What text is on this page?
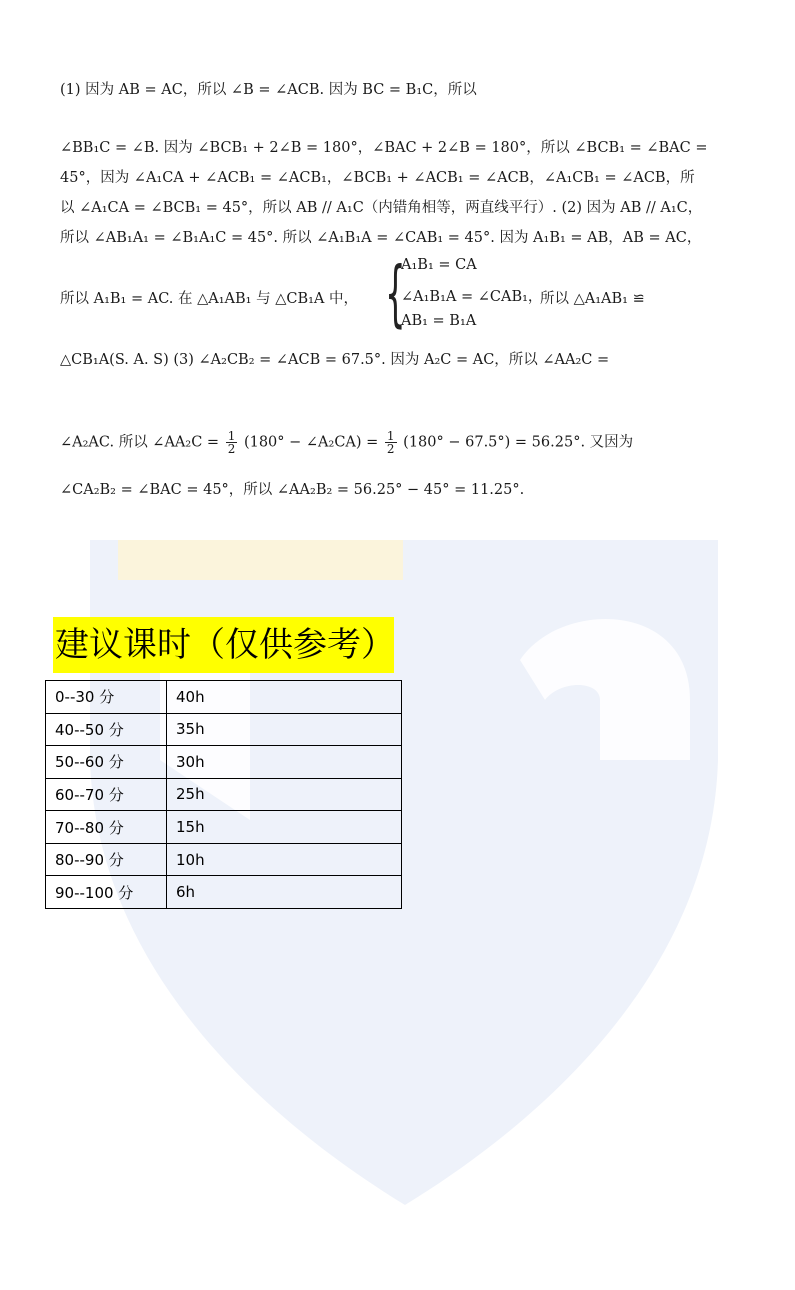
(1) 因为 AB = AC，所以 ∠B = ∠ACB. 因为 BC = B₁C，所以
∠BB₁C = ∠B. 因为 ∠BCB₁ + 2∠B = 180°，∠BAC + 2∠B = 180°，所以 ∠BCB₁ = ∠BAC =
45°，因为 ∠A₁CA + ∠ACB₁ = ∠ACB₁，∠BCB₁ + ∠ACB₁ = ∠ACB，∠A₁CB₁ = ∠ACB，所
以 ∠A₁CA = ∠BCB₁ = 45°，所以 AB // A₁C（内错角相等，两直线平行）. (2) 因为 AB // A₁C，
所以 ∠AB₁A₁ = ∠B₁A₁C = 45°. 所以 ∠A₁B₁A = ∠CAB₁ = 45°. 因为 A₁B₁ = AB，AB = AC，
所以 A₁B₁ = AC. 在 △A₁AB₁ 与 △CB₁A 中， {
A₁B₁ = CA
∠A₁B₁A = ∠CAB₁，
AB₁ = B₁A
所以 △A₁AB₁ ≌
△CB₁A(S. A. S) (3) ∠A₂CB₂ = ∠ACB = 67.5°. 因为 A₂C = AC，所以 ∠AA₂C =
∠A₂AC. 所以 ∠AA₂C = $\frac{1}{2} (180^\circ$ − ∠A₂CA) = $\frac{1}{2} (180^\circ - 67.5^\circ) = 56.25^\circ$. 又因为
∠CA₂B₂ = ∠BAC = 45°，所以 ∠AA₂B₂ = 56.25° − 45° = 11.25°.
建议课时（仅供参考）
0--30 分	40h
40--50 分	35h
50--60 分	30h
60--70 分	25h
70--80 分	15h
80--90 分	10h
90--100 分	6h
